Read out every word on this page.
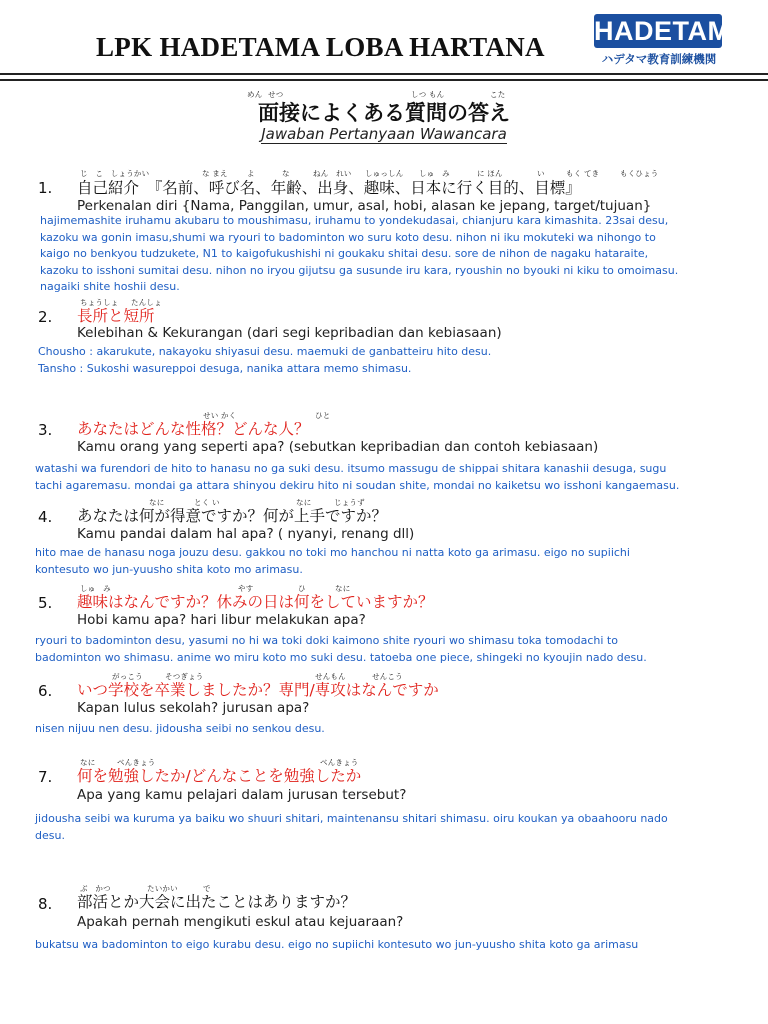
LPK HADETAMA LOBA HARTANA
HADETAMA
ハデタマ教育訓練機関
めん せつ	しつ もん	こた
面接によくある質問の答え
Jawaban Pertanyaan Wawancara
じ　こ　しょうかい	な まえ	よ	な	ねん　れい しゅっしん しゅ　み	に ほん	い	もく てき	もくひょう
1. 自己紹介　『名前、呼び名、年齢、出身、趣味、日本に行く目的、目標』
Perkenalan diri {Nama, Panggilan, umur, asal, hobi, alasan ke jepang, target/tujuan}
hajimemashite iruhamu akubaru to moushimasu, iruhamu to yondekudasai, chianjuru kara kimashita. 23sai desu,
kazoku wa gonin imasu,shumi wa ryouri to badominton wo suru koto desu. nihon ni iku mokuteki wa nihongo to
kaigo no benkyou tudzukete, N1 to kaigofukushishi ni goukaku shitai desu. sore de nihon de nagaku hataraite,
kazoku to isshoni sumitai desu. nihon no iryou gijutsu ga susunde iru kara, ryoushin no byouki ni kiku to omoimasu.
nagaiki shite hoshii desu.
ちょうしょ たんしょ
2. 長所と短所
Kelebihan & Kekurangan (dari segi kepribadian dan kebiasaan)
Chousho : akarukute, nakayoku shiyasui desu. maemuki de ganbatteiru hito desu.
Tansho : Sukoshi wasureppoi desuga, nanika attara memo shimasu.
せい かく	ひと
3. あなたはどんな性格？どんな人？
Kamu orang yang seperti apa? (sebutkan kepribadian dan contoh kebiasaan)
watashi wa furendori de hito to hanasu no ga suki desu. itsumo massugu de shippai shitara kanashii desuga, sugu
tachi agaremasu. mondai ga attara shinyou dekiru hito ni soudan shite, mondai no kaiketsu wo isshoni kangaemasu.
なに	とく い	なに	じょうず
4. あなたは何が得意ですか？何が上手ですか？
Kamu pandai dalam hal apa? ( nyanyi, renang dll)
hito mae de hanasu noga jouzu desu. gakkou no toki mo hanchou ni natta koto ga arimasu. eigo no supiichi
kontesuto wo jun-yuusho shita koto mo arimasu.
しゅ　み	やす	ひ	なに
5. 趣味はなんですか？休みの日は何をしていますか？
Hobi kamu apa? hari libur melakukan apa?
ryouri to badominton desu, yasumi no hi wa toki doki kaimono shite ryouri wo shimasu toka tomodachi to
badominton wo shimasu. anime wo miru koto mo suki desu. tatoeba one piece, shingeki no kyoujin nado desu.
がっこう	そつぎょう	せんもん	せんこう
6. いつ学校を卒業しましたか？専門/専攻はなんですか
Kapan lulus sekolah? jurusan apa?
nisen nijuu nen desu. jidousha seibi no senkou desu.
なに	べんきょう	べんきょう
7. 何を勉強したか/どんなことを勉強したか
Apa yang kamu pelajari dalam jurusan tersebut?
jidousha seibi wa kuruma ya baiku wo shuuri shitari, maintenansu shitari shimasu. oiru koukan ya obaahooru nado
desu.
ぶ　かつ	たいかい	で
8. 部活とか大会に出たことはありますか？
Apakah pernah mengikuti eskul atau kejuaraan?
bukatsu wa badominton to eigo kurabu desu. eigo no supiichi kontesuto wo jun-yuusho shita koto ga arimasu
